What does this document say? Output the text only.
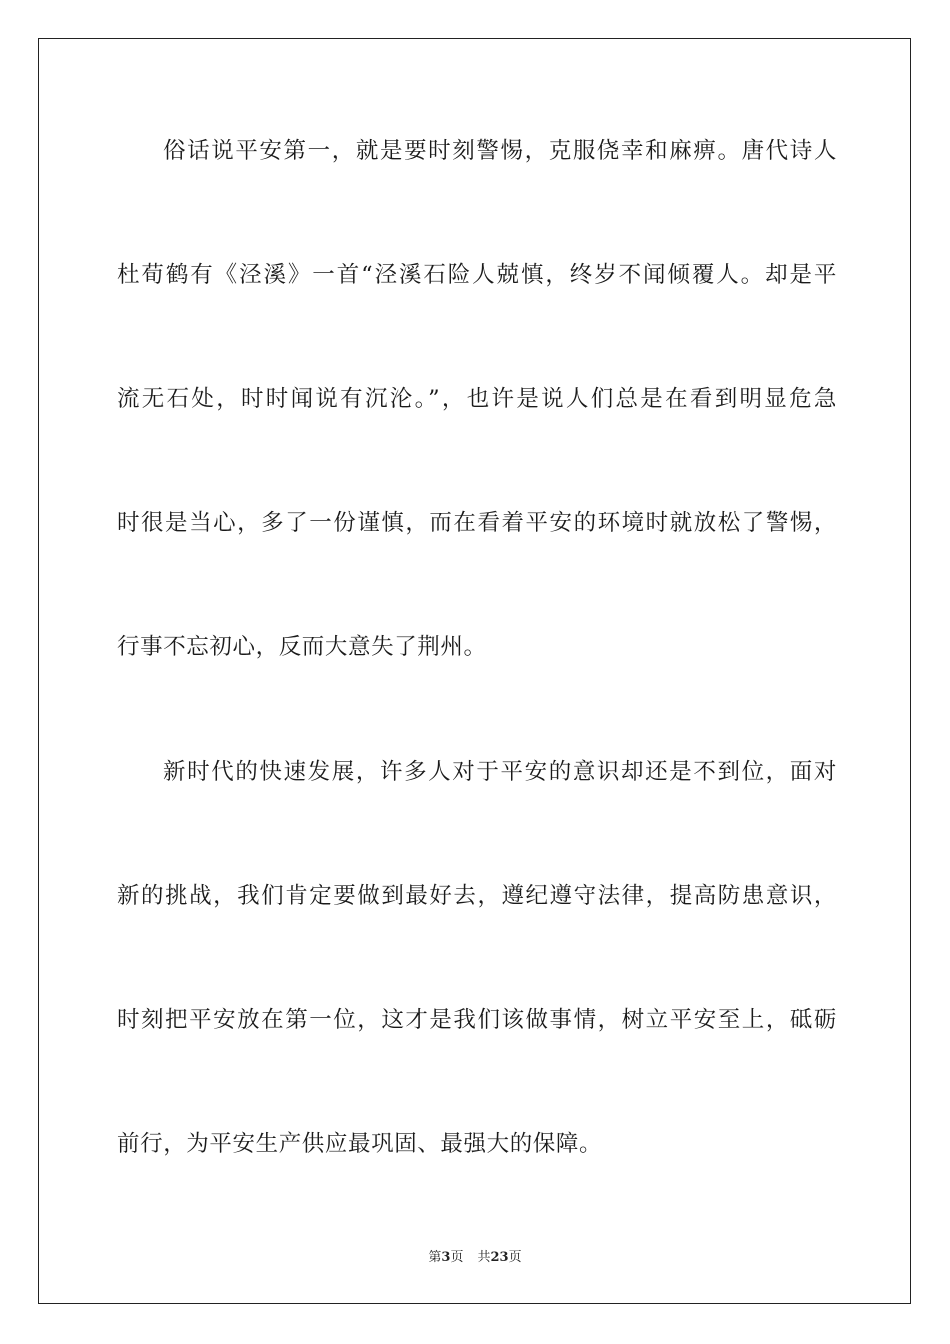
俗话说平安第一，就是要时刻警惕，克服侥幸和麻痹。唐代诗人
杜荀鹤有《泾溪》一首“泾溪石险人兢慎，终岁不闻倾覆人。却是平
流无石处，时时闻说有沉沦。”，也许是说人们总是在看到明显危急
时很是当心，多了一份谨慎，而在看着平安的环境时就放松了警惕，
行事不忘初心，反而大意失了荆州。
新时代的快速发展，许多人对于平安的意识却还是不到位，面对
新的挑战，我们肯定要做到最好去，遵纪遵守法律，提高防患意识，
时刻把平安放在第一位，这才是我们该做事情，树立平安至上，砥砺
前行，为平安生产供应最巩固、最强大的保障。
第3页 共23页
